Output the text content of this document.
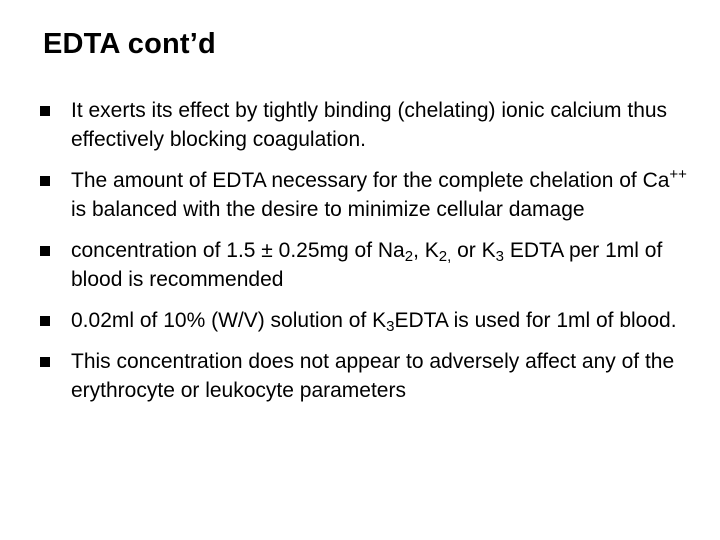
EDTA cont’d
It exerts its effect by tightly binding (chelating) ionic calcium thus effectively blocking coagulation.
The amount of EDTA necessary for the complete chelation of Ca++ is balanced with the desire to minimize cellular damage
concentration of 1.5 ± 0.25mg of $Na_2$, $K_{2,}$ or $K_3$ EDTA per 1ml of blood is recommended
0.02ml of 10% (W/V) solution of $K_3EDTA$ is used for 1ml of blood.
This concentration does not appear to adversely affect any of the erythrocyte or leukocyte parameters
